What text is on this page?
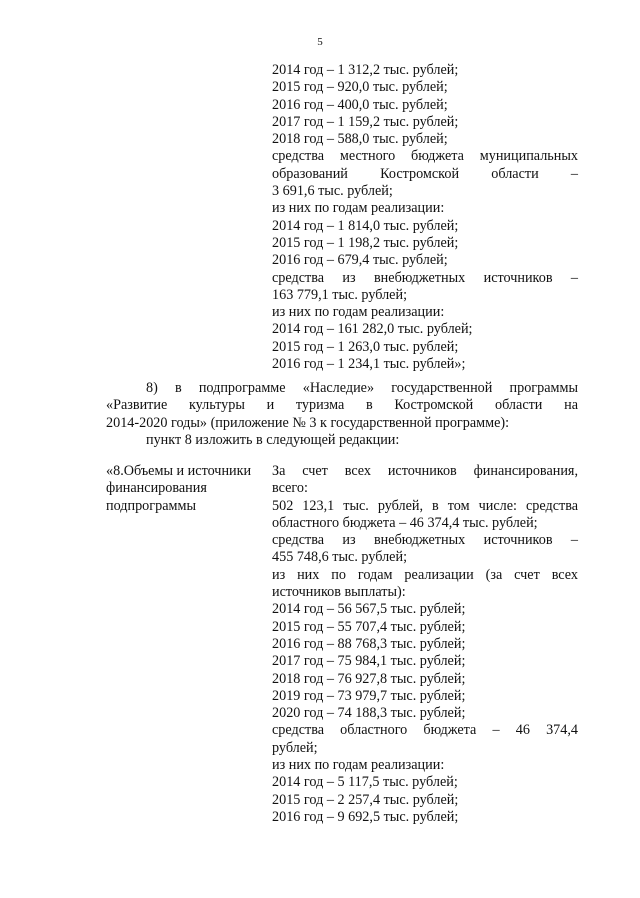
5
2014 год – 1 312,2 тыс. рублей;
2015 год – 920,0 тыс. рублей;
2016 год – 400,0 тыс. рублей;
2017 год – 1 159,2 тыс. рублей;
2018 год – 588,0 тыс. рублей;
средства местного бюджета муниципальных
образований Костромской области –
3 691,6 тыс. рублей;
из них по годам реализации:
2014 год – 1 814,0 тыс. рублей;
2015 год – 1 198,2 тыс. рублей;
2016 год – 679,4 тыс. рублей;
средства из внебюджетных источников –
163 779,1 тыс. рублей;
из них по годам реализации:
2014 год – 161 282,0 тыс. рублей;
2015 год – 1 263,0 тыс. рублей;
2016 год – 1 234,1 тыс. рублей»;
8) в подпрограмме «Наследие» государственной программы
«Развитие культуры и туризма в Костромской области на
2014-2020 годы» (приложение № 3 к государственной программе):
пункт 8 изложить в следующей редакции:
«8.Объемы и источники
финансирования
подпрограммы
За счет всех источников финансирования,
всего:
502 123,1 тыс. рублей, в том числе: средства
областного бюджета – 46 374,4 тыс. рублей;
средства из внебюджетных источников –
455 748,6 тыс. рублей;
из них по годам реализации (за счет всех
источников выплаты):
2014 год – 56 567,5 тыс. рублей;
2015 год – 55 707,4 тыс. рублей;
2016 год – 88 768,3 тыс. рублей;
2017 год – 75 984,1 тыс. рублей;
2018 год – 76 927,8 тыс. рублей;
2019 год – 73 979,7 тыс. рублей;
2020 год – 74 188,3 тыс. рублей;
средства областного бюджета – 46 374,4
рублей;
из них по годам реализации:
2014 год – 5 117,5 тыс. рублей;
2015 год – 2 257,4 тыс. рублей;
2016 год – 9 692,5 тыс. рублей;
